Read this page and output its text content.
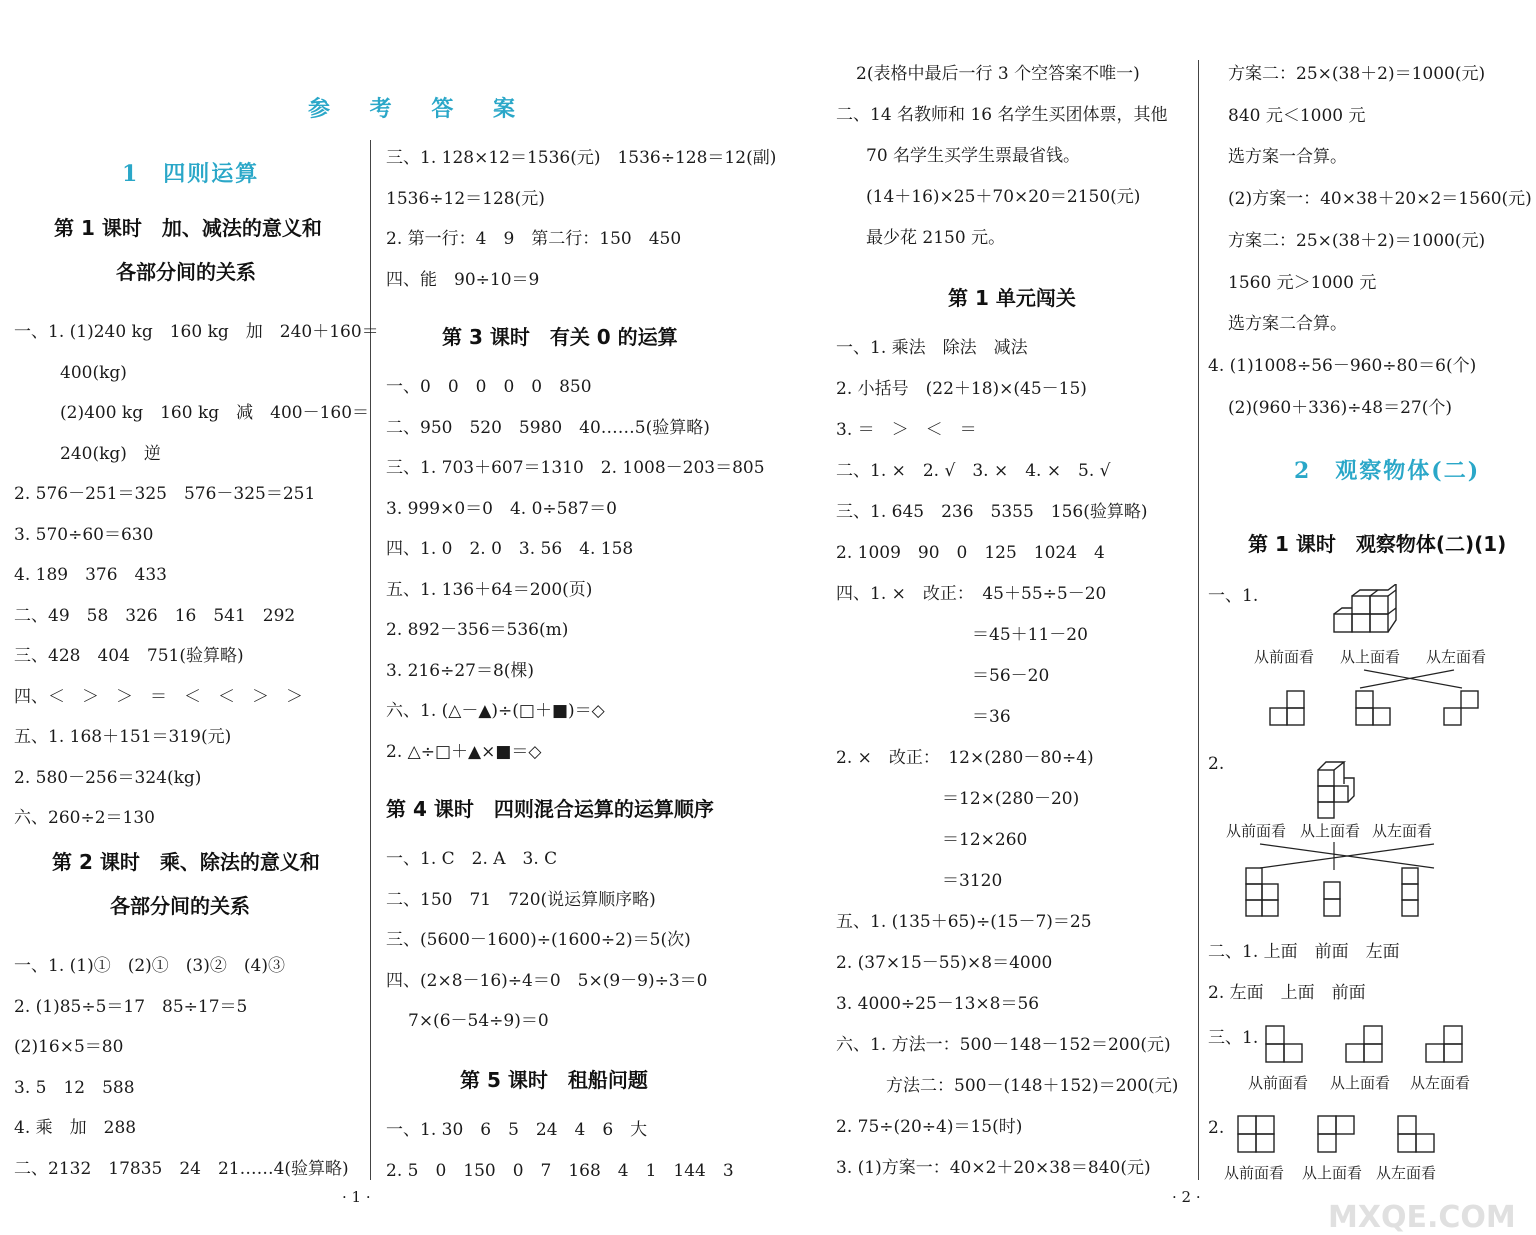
参 考 答 案
1　四则运算
第 1 课时　加、减法的意义和
各部分间的关系
第 2 课时　乘、除法的意义和
各部分间的关系
第 3 课时　有关 0 的运算
第 4 课时　四则混合运算的运算顺序
第 5 课时　租船问题
· 1 ·
一、1. (1)240 kg　160 kg　加　240＋160＝
400(kg)
(2)400 kg　160 kg　减　400－160＝
240(kg)　逆
2. 576－251＝325　576－325＝251
3. 570÷60＝630
4. 189　376　433
二、49　58　326　16　541　292
三、428　404　751(验算略)
四、＜　＞　＞　＝　＜　＜　＞　＞
五、1. 168＋151＝319(元)
2. 580－256＝324(kg)
六、260÷2＝130
一、1. (1)①　(2)①　(3)②　(4)③
2. (1)85÷5＝17　85÷17＝5
(2)16×5＝80
3. 5　12　588
4. 乘　加　288
二、2132　17835　24　21……4(验算略)
三、1. 128×12＝1536(元)　1536÷128＝12(副)
1536÷12＝128(元)
2. 第一行：4　9　第二行：150　450
四、能　90÷10＝9
一、0　0　0　0　0　850
二、950　520　5980　40……5(验算略)
三、1. 703＋607＝1310　2. 1008－203＝805
3. 999×0＝0　4. 0÷587＝0
四、1. 0　2. 0　3. 56　4. 158
五、1. 136＋64＝200(页)
2. 892－356＝536(m)
3. 216÷27＝8(棵)
六、1. (△－▲)÷(□＋■)＝◇
2. △÷□＋▲×■＝◇
一、1. C　2. A　3. C
二、150　71　720(说运算顺序略)
三、(5600－1600)÷(1600÷2)＝5(次)
四、(2×8－16)÷4＝0　5×(9－9)÷3＝0
7×(6－54÷9)＝0
一、1. 30　6　5　24　4　6　大
2. 5　0　150　0　7　168　4　1　144　3
第 1 单元闯关
2　观察物体(二)
第 1 课时　观察物体(二)(1)
一、1.
从前面看 从上面看 从左面看
2.
从前面看 从上面看 从左面看
三、1.
从前面看 从上面看 从左面看
2.
从前面看 从上面看 从左面看
· 2 ·
MXQE.COM
2(表格中最后一行 3 个空答案不唯一)
二、14 名教师和 16 名学生买团体票，其他
70 名学生买学生票最省钱。
(14＋16)×25＋70×20＝2150(元)
最少花 2150 元。
一、1. 乘法　除法　减法
2. 小括号　(22＋18)×(45－15)
3. ＝　＞　＜　＝
二、1. ×　2. √　3. ×　4. ×　5. √
三、1. 645　236　5355　156(验算略)
2. 1009　90　0　125　1024　4
四、1. ×　改正：　45＋55÷5－20
＝45＋11－20
＝56－20
＝36
2. ×　改正：　12×(280－80÷4)
＝12×(280－20)
＝12×260
＝3120
五、1. (135＋65)÷(15－7)＝25
2. (37×15－55)×8＝4000
3. 4000÷25－13×8＝56
六、1. 方法一：500－148－152＝200(元)
方法二：500－(148＋152)＝200(元)
2. 75÷(20÷4)＝15(时)
3. (1)方案一：40×2＋20×38＝840(元)
方案二：25×(38＋2)＝1000(元)
840 元＜1000 元
选方案一合算。
(2)方案一：40×38＋20×2＝1560(元)
方案二：25×(38＋2)＝1000(元)
1560 元＞1000 元
选方案二合算。
4. (1)1008÷56－960÷80＝6(个)
(2)(960＋336)÷48＝27(个)
二、1. 上面　前面　左面
2. 左面　上面　前面
